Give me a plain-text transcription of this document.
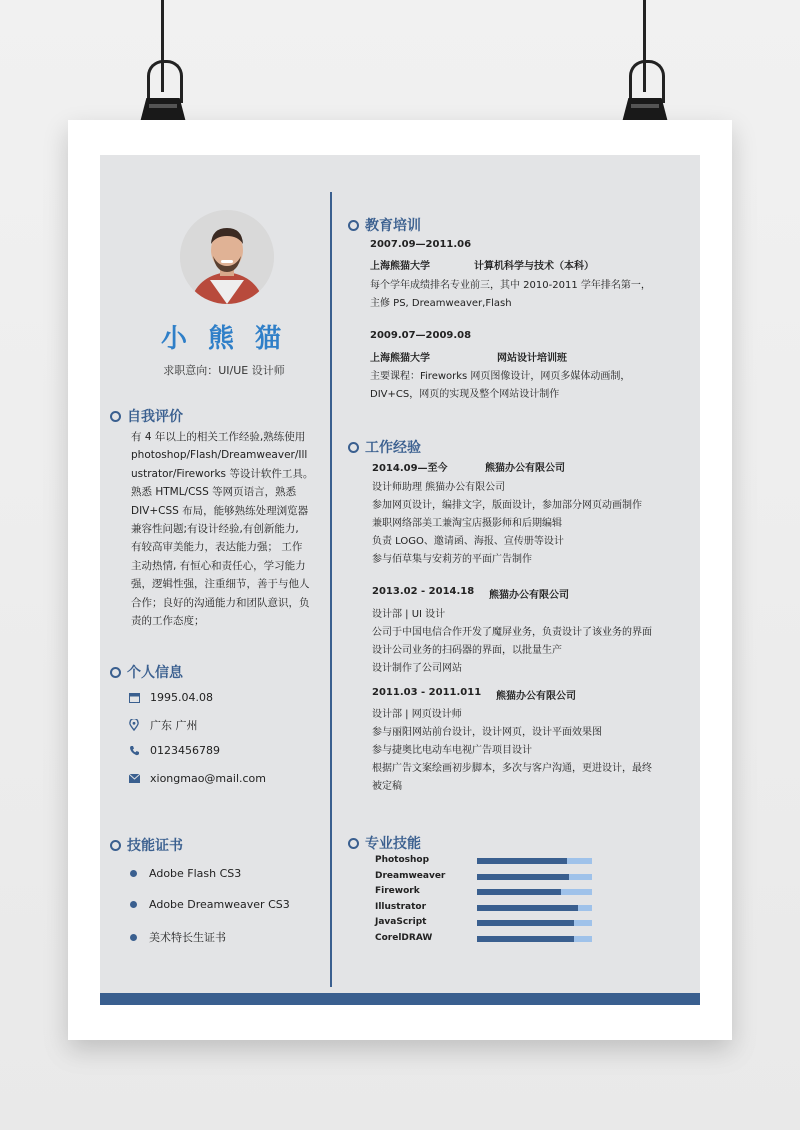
小 熊 猫
求职意向：UI/UE 设计师
自我评价
有 4 年以上的相关工作经验,熟练使用
photoshop/Flash/Dreamweaver/Ill
ustrator/Fireworks 等设计软件工具。
熟悉 HTML/CSS 等网页语言，熟悉
DIV+CSS 布局，能够熟练处理浏览器
兼容性问题;有设计经验,有创新能力,
有较高审美能力，表达能力强； 工作
主动热情, 有恒心和责任心，学习能力
强，逻辑性强，注重细节，善于与他人
合作；良好的沟通能力和团队意识，负
责的工作态度；
个人信息
1995.04.08
广东 广州
0123456789
xiongmao@mail.com
技能证书
Adobe Flash CS3
Adobe Dreamweaver CS3
美术特长生证书
教育培训
2007.09—2011.06
上海熊猫大学	计算机科学与技术（本科）
每个学年成绩排名专业前三，其中 2010-2011 学年排名第一，
主修 PS, Dreamweaver,Flash
2009.07—2009.08
上海熊猫大学	网站设计培训班
主要课程：Fireworks 网页图像设计，网页多媒体动画制，
DIV+CS，网页的实现及整个网站设计制作
工作经验
2014.09—至今	熊猫办公有限公司
设计师助理 熊猫办公有限公司
参加网页设计，编排文字，版面设计，参加部分网页动画制作
兼职网络部美工兼淘宝店摄影师和后期编辑
负责 LOGO、邀请函、海报、宣传册等设计
参与佰草集与安莉芳的平面广告制作
2013.02 - 2014.18 熊猫办公有限公司
设计部 | UI 设计
公司于中国电信合作开发了魔屏业务，负责设计了该业务的界面
设计公司业务的扫码器的界面，以批量生产
设计制作了公司网站
2011.03 - 2011.011 熊猫办公有限公司
设计部 | 网页设计师
参与丽阳网站前台设计，设计网页，设计平面效果图
参与捷奥比电动车电视广告项目设计
根据广告文案绘画初步脚本，多次与客户沟通，更进设计，最终
被定稿
专业技能
Photoshop
Dreamweaver
Firework
Illustrator
JavaScript
CorelDRAW
